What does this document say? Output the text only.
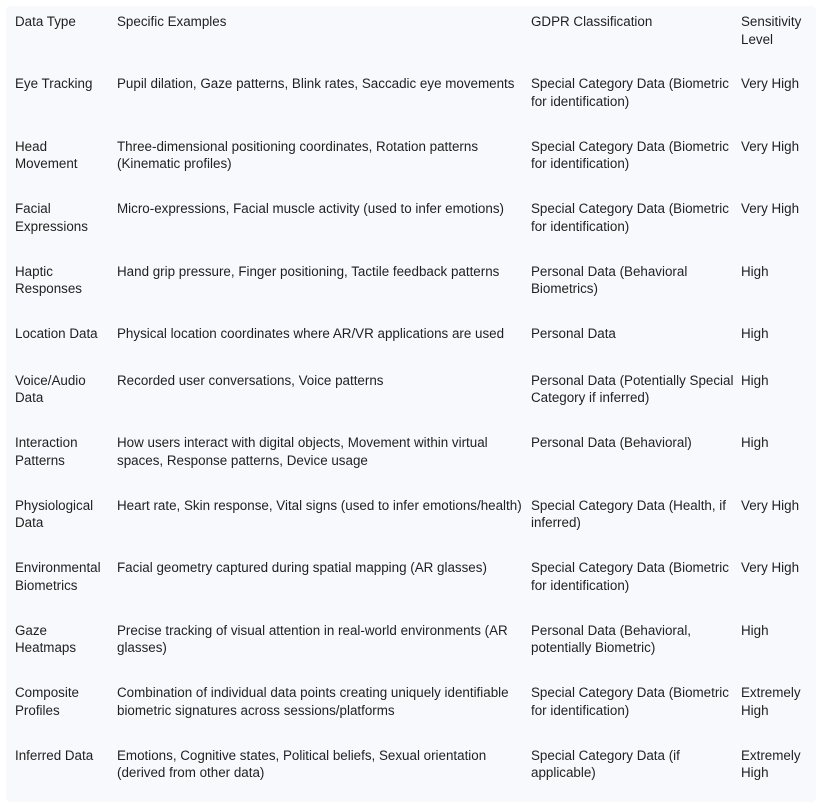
Data Type	Specific Examples	GDPR Classification	Sensitivity Level
Eye Tracking	Pupil dilation, Gaze patterns, Blink rates, Saccadic eye movements	Special Category Data (Biometric for identification)	Very High
Head Movement	Three-dimensional positioning coordinates, Rotation patterns (Kinematic profiles)	Special Category Data (Biometric for identification)	Very High
Facial Expressions	Micro-expressions, Facial muscle activity (used to infer emotions)	Special Category Data (Biometric for identification)	Very High
Haptic Responses	Hand grip pressure, Finger positioning, Tactile feedback patterns	Personal Data (Behavioral Biometrics)	High
Location Data	Physical location coordinates where AR/VR applications are used	Personal Data	High
Voice/Audio Data	Recorded user conversations, Voice patterns	Personal Data (Potentially Special Category if inferred)	High
Interaction Patterns	How users interact with digital objects, Movement within virtual spaces, Response patterns, Device usage	Personal Data (Behavioral)	High
Physiological Data	Heart rate, Skin response, Vital signs (used to infer emotions/health)	Special Category Data (Health, if inferred)	Very High
Environmental Biometrics	Facial geometry captured during spatial mapping (AR glasses)	Special Category Data (Biometric for identification)	Very High
Gaze Heatmaps	Precise tracking of visual attention in real-world environments (AR glasses)	Personal Data (Behavioral, potentially Biometric)	High
Composite Profiles	Combination of individual data points creating uniquely identifiable biometric signatures across sessions/platforms	Special Category Data (Biometric for identification)	Extremely High
Inferred Data	Emotions, Cognitive states, Political beliefs, Sexual orientation (derived from other data)	Special Category Data (if applicable)	Extremely High
